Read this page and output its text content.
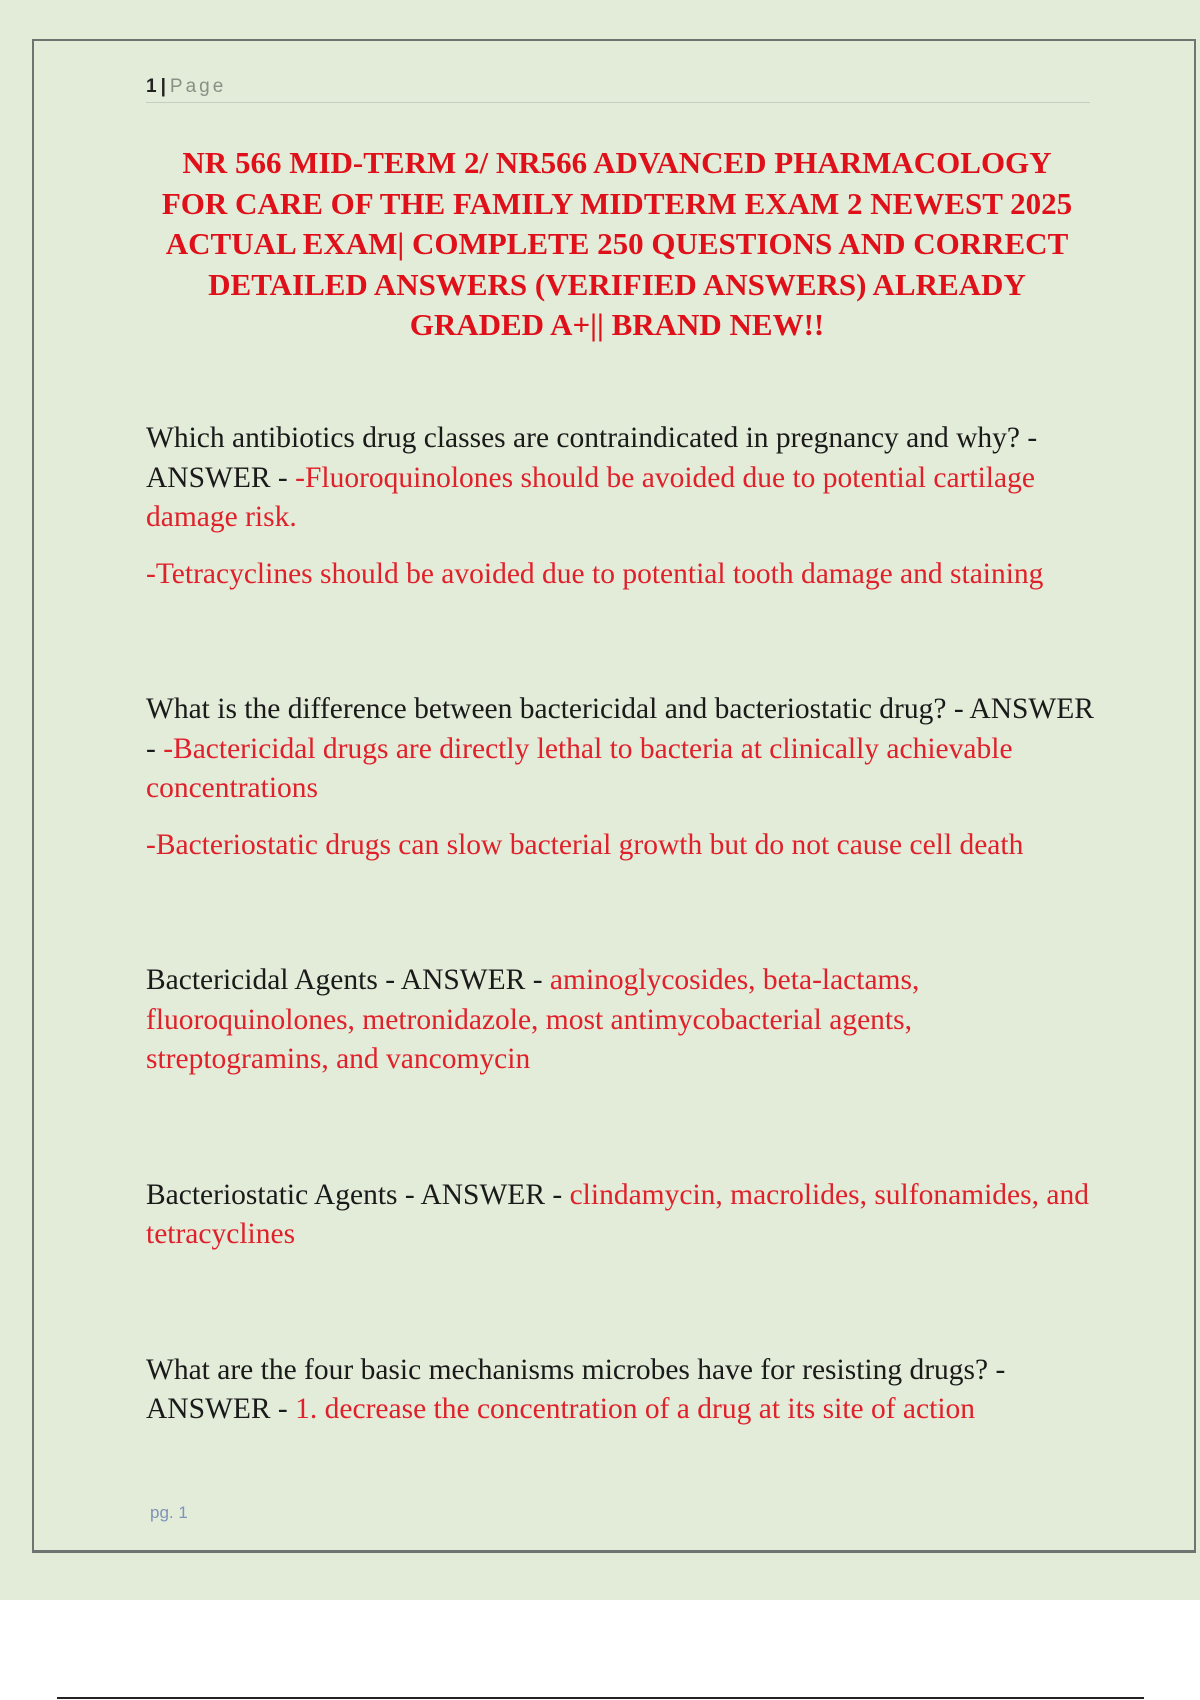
1 | Page
NR 566 MID-TERM 2/ NR566 ADVANCED PHARMACOLOGY FOR CARE OF THE FAMILY MIDTERM EXAM 2 NEWEST 2025 ACTUAL EXAM| COMPLETE 250 QUESTIONS AND CORRECT DETAILED ANSWERS (VERIFIED ANSWERS) ALREADY GRADED A+|| BRAND NEW!!

Which antibiotics drug classes are contraindicated in pregnancy and why? - ANSWER - -Fluoroquinolones should be avoided due to potential cartilage damage risk.

-Tetracyclines should be avoided due to potential tooth damage and staining

What is the difference between bactericidal and bacteriostatic drug? - ANSWER - -Bactericidal drugs are directly lethal to bacteria at clinically achievable concentrations

-Bacteriostatic drugs can slow bacterial growth but do not cause cell death

Bactericidal Agents - ANSWER - aminoglycosides, beta-lactams, fluoroquinolones, metronidazole, most antimycobacterial agents, streptogramins, and vancomycin

Bacteriostatic Agents - ANSWER - clindamycin, macrolides, sulfonamides, and tetracyclines

What are the four basic mechanisms microbes have for resisting drugs? - ANSWER - 1. decrease the concentration of a drug at its site of action

pg. 1
